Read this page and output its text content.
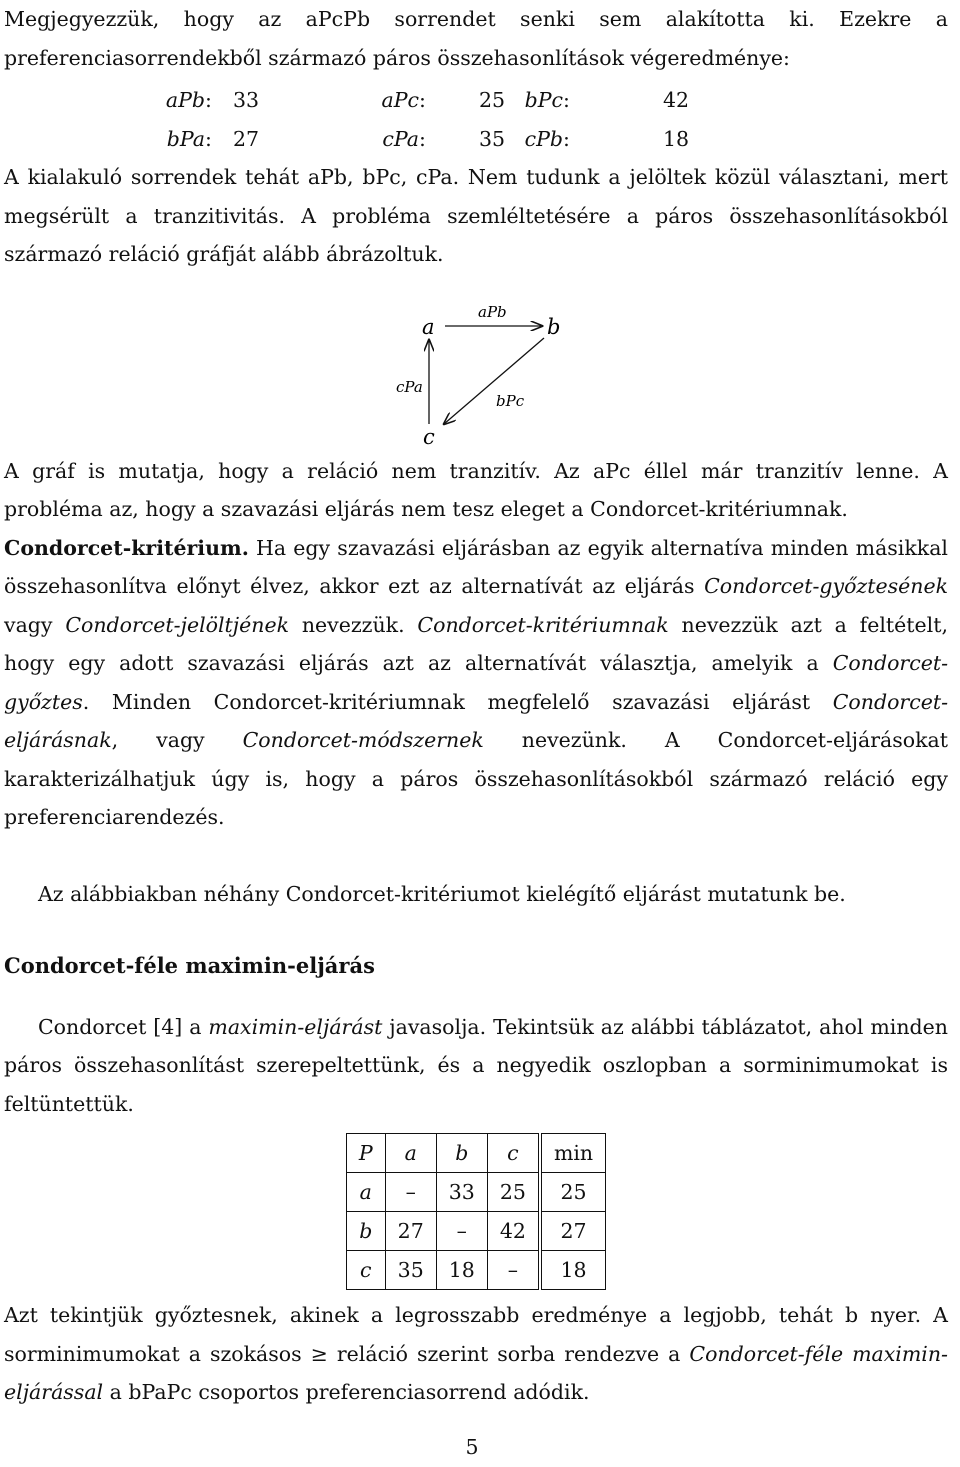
Megjegyezzük, hogy az aPcPb sorrendet senki sem alakította ki. Ezekre a preferenciasorrendekből származó páros összehasonlítások végeredménye:

aPb :	33	aPc :	25 bPc :	42
bPa :	27	cPa :	35 cPb :	18

A kialakuló sorrendek tehát aPb, bPc, cPa. Nem tudunk a jelöltek közül választani, mert megsérült a tranzitivitás. A probléma szemléltetésére a páros összehasonlításokból származó reláció gráfját alább ábrázoltuk.

a	b
c
aPb
cPa
bPc

A gráf is mutatja, hogy a reláció nem tranzitív. Az aPc éllel már tranzitív lenne. A probléma az, hogy a szavazási eljárás nem tesz eleget a Condorcet-kritériumnak.

Condorcet-kritérium. Ha egy szavazási eljárásban az egyik alternatíva minden másikkal összehasonlítva előnyt élvez, akkor ezt az alternatívát az eljárás Condorcet-győztesének vagy Condorcet-jelöltjének nevezzük. Condorcet-kritériumnak nevezzük azt a feltételt, hogy egy adott szavazási eljárás azt az alternatívát választja, amelyik a Condorcet-győztes. Minden Condorcet-kritériumnak megfelelő szavazási eljárást Condorcet-eljárásnak, vagy Condorcet-módszernek nevezünk. A Condorcet-eljárásokat karakterizálhatjuk úgy is, hogy a páros összehasonlításokból származó reláció egy preferenciarendezés.

Az alábbiakban néhány Condorcet-kritériumot kielégítő eljárást mutatunk be.

Condorcet-féle maximin-eljárás

Condorcet [4] a maximin-eljárást javasolja. Tekintsük az alábbi táblázatot, ahol minden páros összehasonlítást szerepeltettünk, és a negyedik oszlopban a sorminimumokat is feltüntettük.

P	a	b	c	min
a	–	33	25	25
b	27	–	42	27
c	35	18	–	18

Azt tekintjük győztesnek, akinek a legrosszabb eredménye a legjobb, tehát b nyer. A sorminimumokat a szokásos ≥ reláció szerint sorba rendezve a Condorcet-féle maximin-eljárással a bPaPc csoportos preferenciasorrend adódik.

5
